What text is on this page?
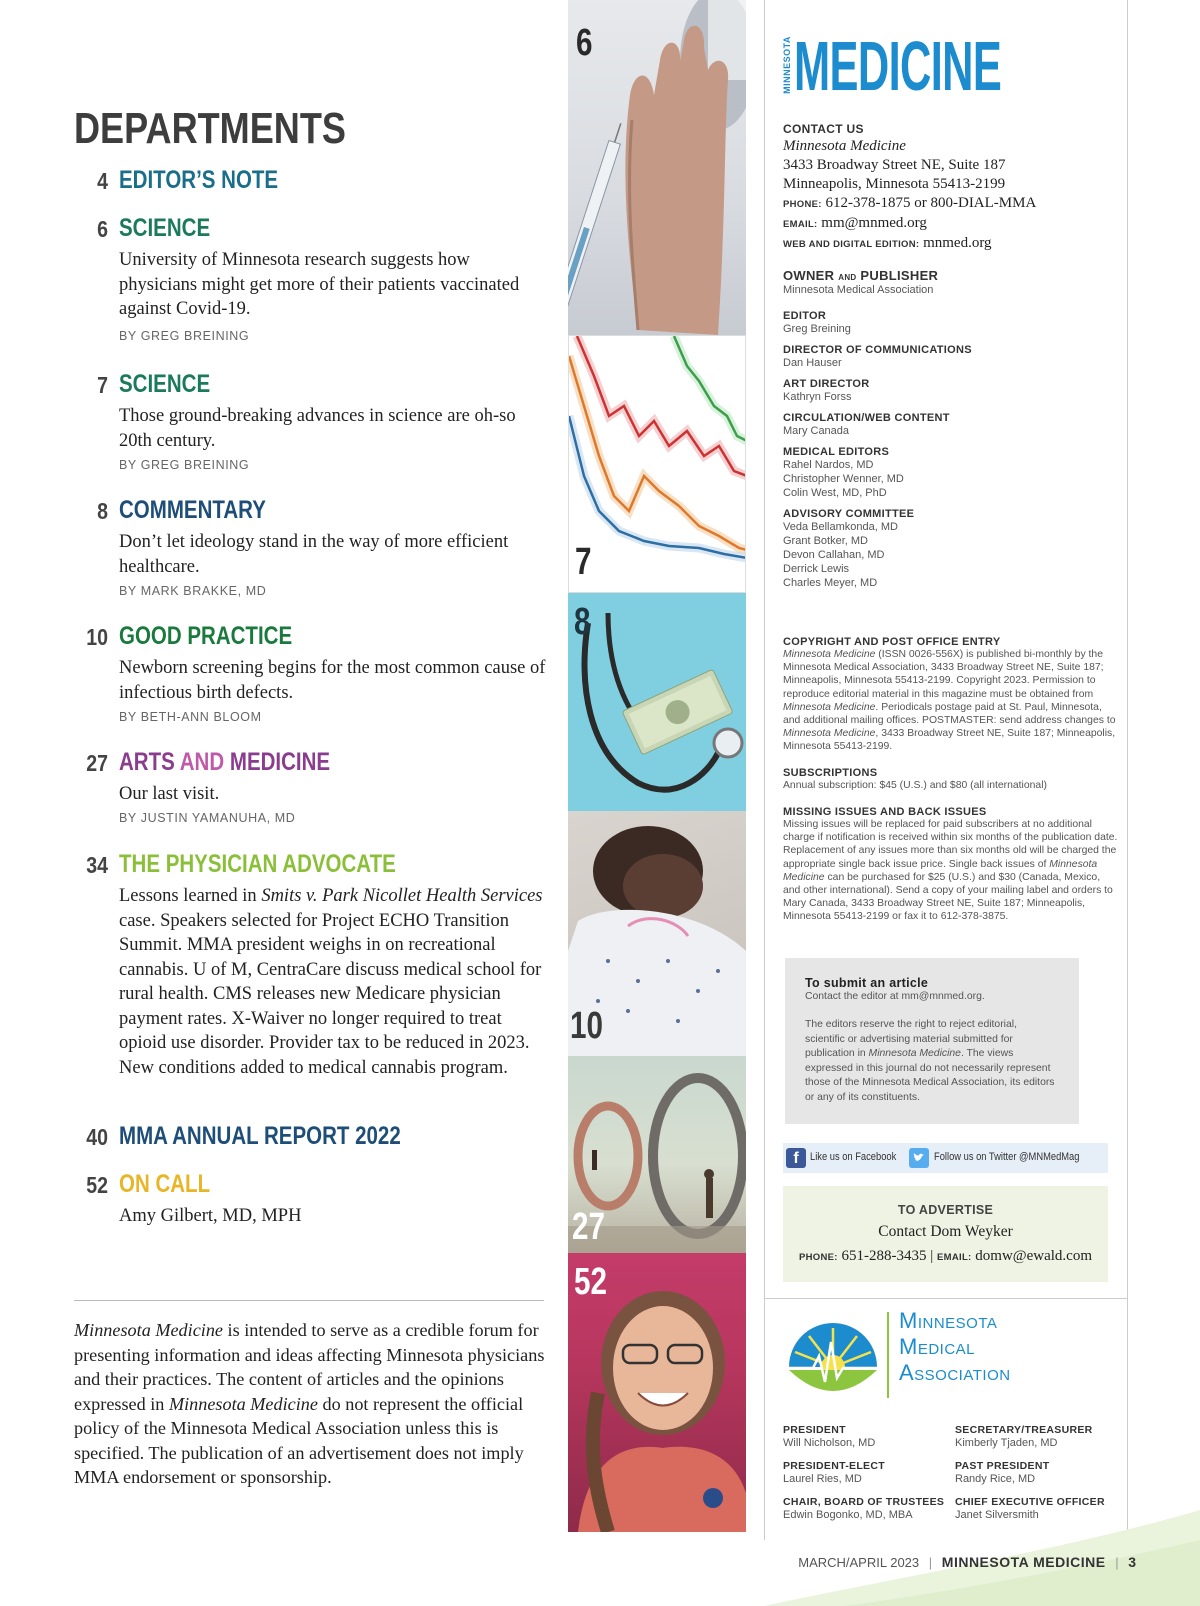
DEPARTMENTS
4 EDITOR’S NOTE
6 SCIENCE
University of Minnesota research suggests how physicians might get more of their patients vaccinated against Covid-19.
BY GREG BREINING
7 SCIENCE
Those ground-breaking advances in science are oh-so 20th century.
BY GREG BREINING
8 COMMENTARY
Don’t let ideology stand in the way of more efficient healthcare.
BY MARK BRAKKE, MD
10 GOOD PRACTICE
Newborn screening begins for the most common cause of infectious birth defects.
BY BETH-ANN BLOOM
27 ARTS AND MEDICINE
Our last visit.
BY JUSTIN YAMANUHA, MD
34 THE PHYSICIAN ADVOCATE
Lessons learned in Smits v. Park Nicollet Health Services case. Speakers selected for Project ECHO Transition Summit. MMA president weighs in on recreational cannabis. U of M, CentraCare discuss medical school for rural health. CMS releases new Medicare physician payment rates. X-Waiver no longer required to treat opioid use disorder. Provider tax to be reduced in 2023. New conditions added to medical cannabis program.
40 MMA ANNUAL REPORT 2022
52 ON CALL
Amy Gilbert, MD, MPH
Minnesota Medicine is intended to serve as a credible forum for presenting information and ideas affecting Minnesota physicians and their practices. The content of articles and the opinions expressed in Minnesota Medicine do not represent the official policy of the Minnesota Medical Association unless this is specified. The publication of an advertisement does not imply MMA endorsement or sponsorship.
6
7
8
10
27
52
MINNESOTA MEDICINE
CONTACT US
Minnesota Medicine
3433 Broadway Street NE, Suite 187
Minneapolis, Minnesota 55413-2199
PHONE: 612-378-1875 or 800-DIAL-MMA
EMAIL: mm@mnmed.org
WEB AND DIGITAL EDITION: mnmed.org
OWNER AND PUBLISHER
Minnesota Medical Association
EDITOR
Greg Breining
DIRECTOR OF COMMUNICATIONS
Dan Hauser
ART DIRECTOR
Kathryn Forss
CIRCULATION/WEB CONTENT
Mary Canada
MEDICAL EDITORS
Rahel Nardos, MD
Christopher Wenner, MD
Colin West, MD, PhD
ADVISORY COMMITTEE
Veda Bellamkonda, MD
Grant Botker, MD
Devon Callahan, MD
Derrick Lewis
Charles Meyer, MD
COPYRIGHT AND POST OFFICE ENTRY
Minnesota Medicine (ISSN 0026-556X) is published bi-monthly by the Minnesota Medical Association, 3433 Broadway Street NE, Suite 187; Minneapolis, Minnesota 55413-2199. Copyright 2023. Permission to reproduce editorial material in this magazine must be obtained from Minnesota Medicine. Periodicals postage paid at St. Paul, Minnesota, and additional mailing offices. POSTMASTER: send address changes to Minnesota Medicine, 3433 Broadway Street NE, Suite 187; Minneapolis, Minnesota 55413-2199.
SUBSCRIPTIONS
Annual subscription: $45 (U.S.) and $80 (all international)
MISSING ISSUES AND BACK ISSUES
Missing issues will be replaced for paid subscribers at no additional charge if notification is received within six months of the publication date. Replacement of any issues more than six months old will be charged the appropriate single back issue price. Single back issues of Minnesota Medicine can be purchased for $25 (U.S.) and $30 (Canada, Mexico, and other international). Send a copy of your mailing label and orders to Mary Canada, 3433 Broadway Street NE, Suite 187; Minneapolis, Minnesota 55413-2199 or fax it to 612-378-3875.
To submit an article
Contact the editor at mm@mnmed.org.
The editors reserve the right to reject editorial, scientific or advertising material submitted for publication in Minnesota Medicine. The views expressed in this journal do not necessarily represent those of the Minnesota Medical Association, its editors or any of its constituents.
f	Like us on Facebook	Follow us on Twitter @MNMedMag
TO ADVERTISE
Contact Dom Weyker
PHONE: 651-288-3435 | EMAIL: domw@ewald.com
Minnesota
Medical
Association
PRESIDENT
Will Nicholson, MD
SECRETARY/TREASURER
Kimberly Tjaden, MD
PRESIDENT-ELECT
Laurel Ries, MD
PAST PRESIDENT
Randy Rice, MD
CHAIR, BOARD OF TRUSTEES
Edwin Bogonko, MD, MBA
CHIEF EXECUTIVE OFFICER
Janet Silversmith
MARCH/APRIL 2023 | MINNESOTA MEDICINE | 3
